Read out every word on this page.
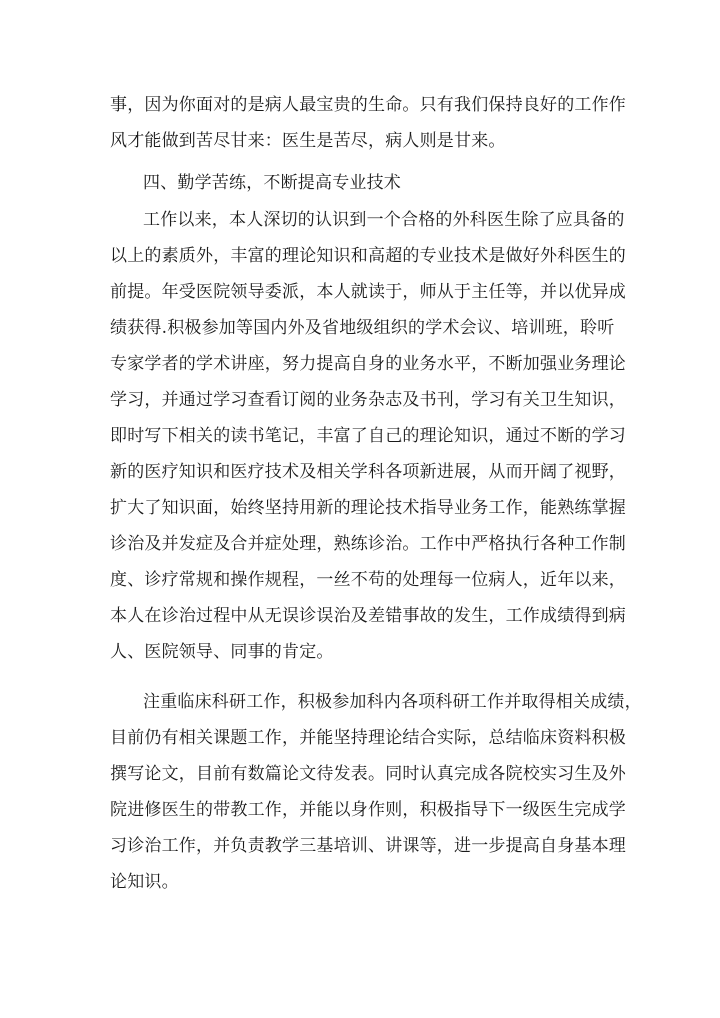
事，因为你面对的是病人最宝贵的生命。只有我们保持良好的工作作
风才能做到苦尽甘来：医生是苦尽，病人则是甘来。
四、勤学苦练，不断提高专业技术
工作以来，本人深切的认识到一个合格的外科医生除了应具备的
以上的素质外，丰富的理论知识和高超的专业技术是做好外科医生的
前提。年受医院领导委派，本人就读于，师从于主任等，并以优异成
绩获得.积极参加等国内外及省地级组织的学术会议、培训班，聆听
专家学者的学术讲座，努力提高自身的业务水平，不断加强业务理论
学习，并通过学习查看订阅的业务杂志及书刊，学习有关卫生知识，
即时写下相关的读书笔记，丰富了自己的理论知识，通过不断的学习
新的医疗知识和医疗技术及相关学科各项新进展，从而开阔了视野，
扩大了知识面，始终坚持用新的理论技术指导业务工作，能熟练掌握
诊治及并发症及合并症处理，熟练诊治。工作中严格执行各种工作制
度、诊疗常规和操作规程，一丝不苟的处理每一位病人，近年以来，
本人在诊治过程中从无误诊误治及差错事故的发生，工作成绩得到病
人、医院领导、同事的肯定。
注重临床科研工作，积极参加科内各项科研工作并取得相关成绩，
目前仍有相关课题工作，并能坚持理论结合实际，总结临床资料积极
撰写论文，目前有数篇论文待发表。同时认真完成各院校实习生及外
院进修医生的带教工作，并能以身作则，积极指导下一级医生完成学
习诊治工作，并负责教学三基培训、讲课等，进一步提高自身基本理
论知识。
